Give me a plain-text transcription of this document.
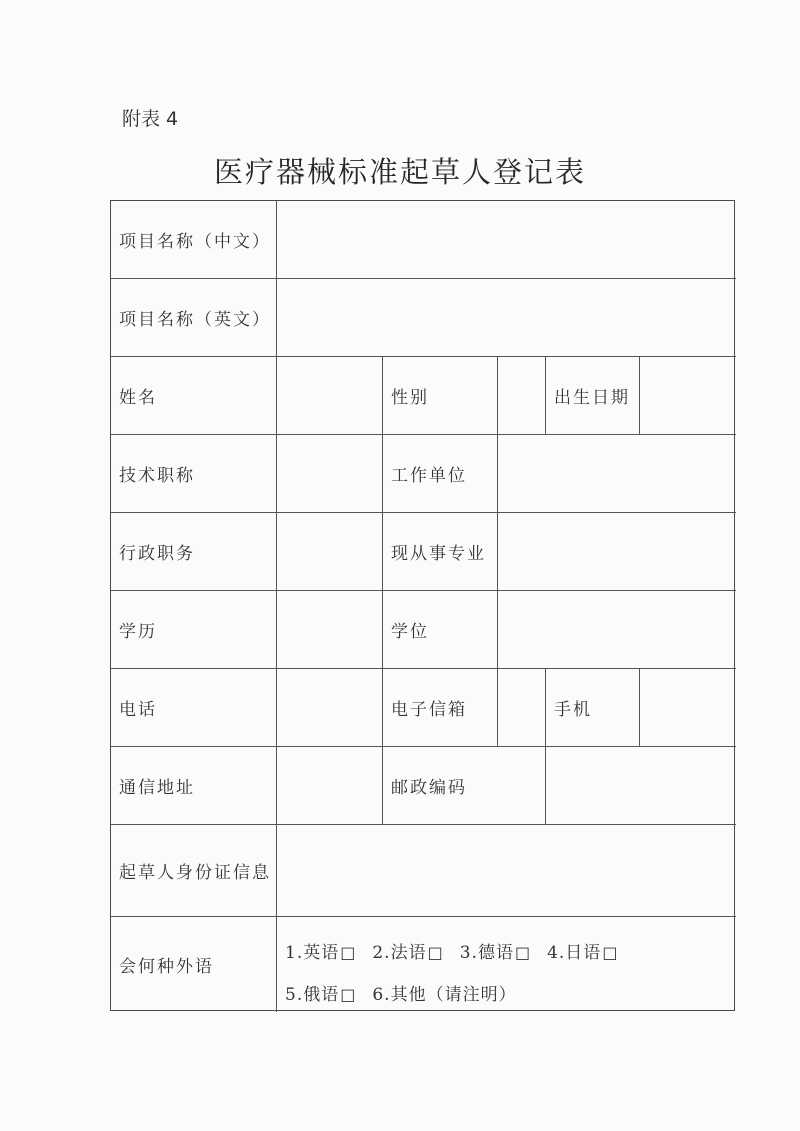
附表 4
医疗器械标准起草人登记表
项目名称（中文）
项目名称（英文）
姓名	性别	出生日期
技术职称	工作单位
行政职务	现从事专业
学历	学位
电话	电子信箱	手机
通信地址	邮政编码
起草人身份证信息
会何种外语
1.英语□ 2.法语□ 3.德语□ 4.日语□
5.俄语□ 6.其他（请注明）
